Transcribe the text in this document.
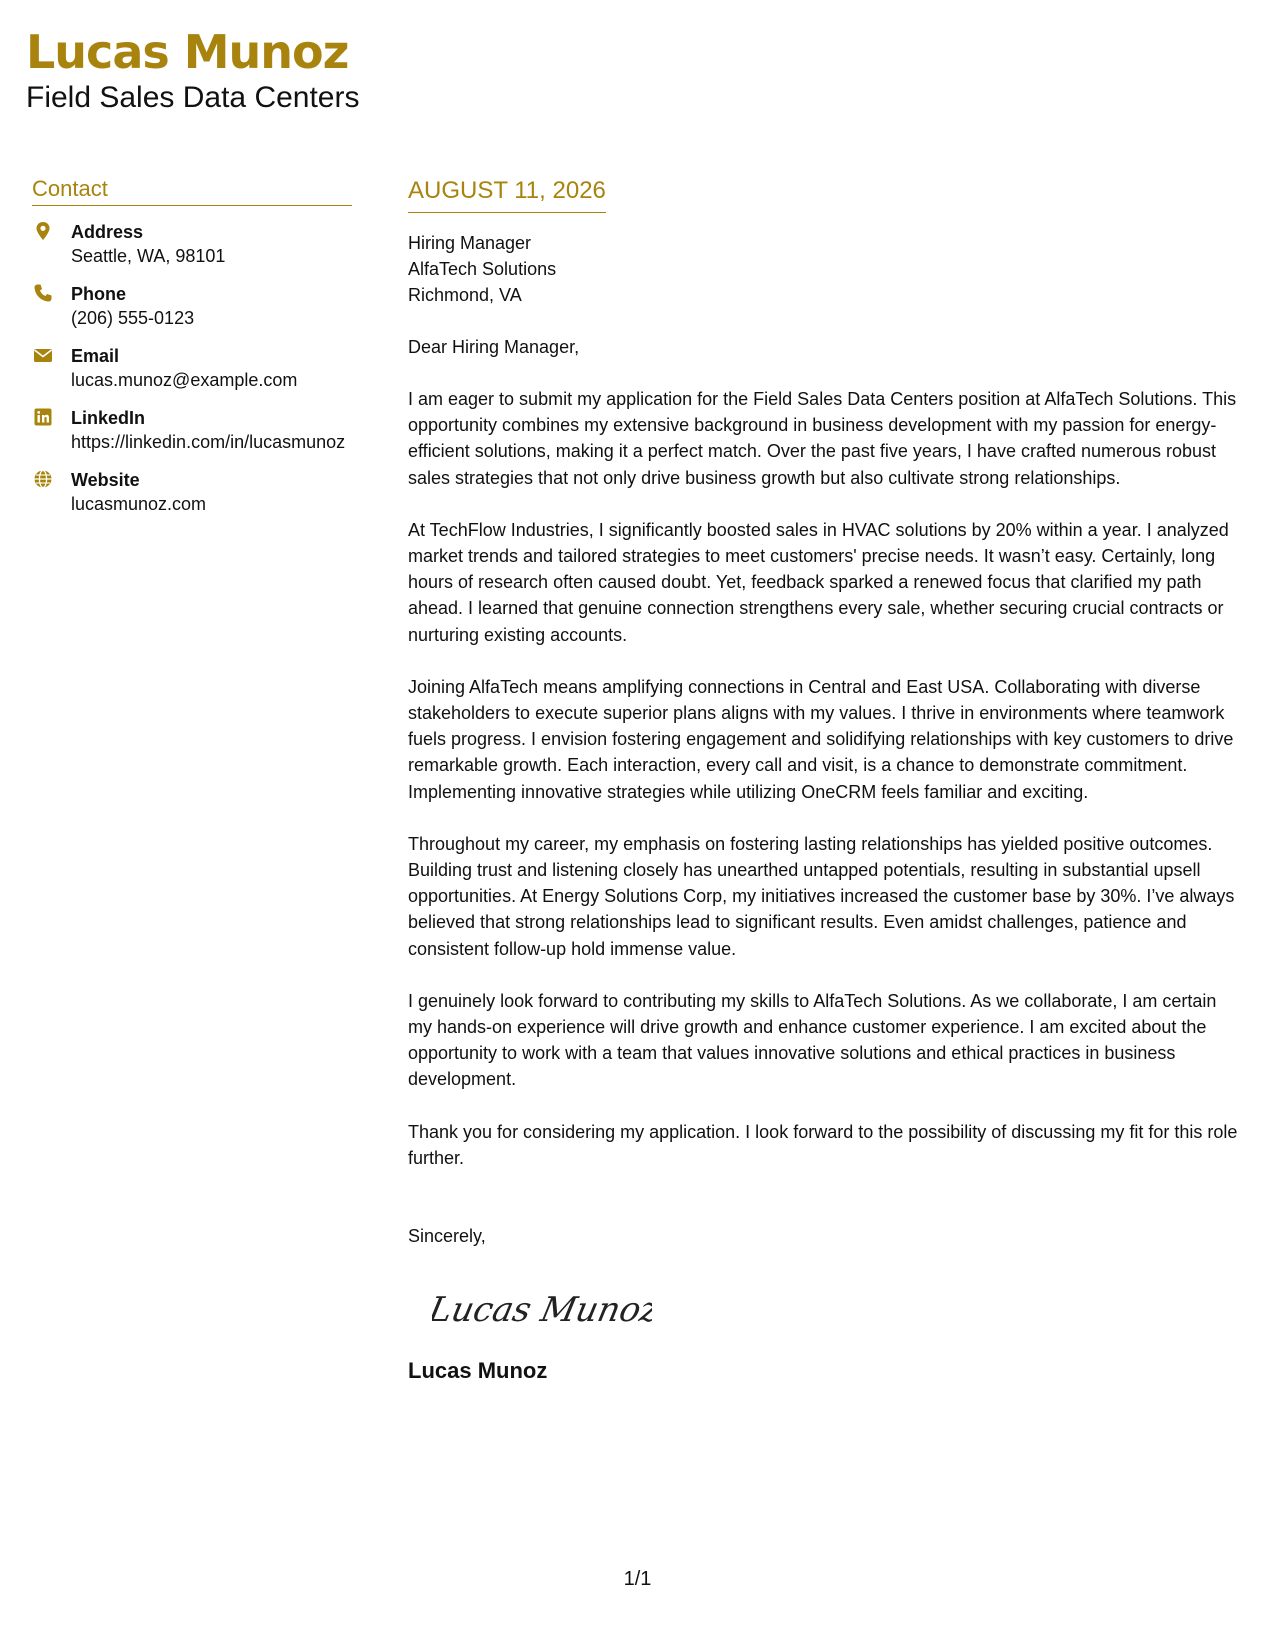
Lucas Munoz
Field Sales Data Centers
Contact
Address
Seattle, WA, 98101
Phone
(206) 555-0123
Email
lucas.munoz@example.com
LinkedIn
https://linkedin.com/in/lucasmunoz
Website
lucasmunoz.com
AUGUST 11, 2026
Hiring Manager
AlfaTech Solutions
Richmond, VA
Dear Hiring Manager,

I am eager to submit my application for the Field Sales Data Centers position at AlfaTech Solutions. This opportunity combines my extensive background in business development with my passion for energy-efficient solutions, making it a perfect match. Over the past five years, I have crafted numerous robust sales strategies that not only drive business growth but also cultivate strong relationships.

At TechFlow Industries, I significantly boosted sales in HVAC solutions by 20% within a year. I analyzed market trends and tailored strategies to meet customers' precise needs. It wasn’t easy. Certainly, long hours of research often caused doubt. Yet, feedback sparked a renewed focus that clarified my path ahead. I learned that genuine connection strengthens every sale, whether securing crucial contracts or nurturing existing accounts.

Joining AlfaTech means amplifying connections in Central and East USA. Collaborating with diverse stakeholders to execute superior plans aligns with my values. I thrive in environments where teamwork fuels progress. I envision fostering engagement and solidifying relationships with key customers to drive remarkable growth. Each interaction, every call and visit, is a chance to demonstrate commitment. Implementing innovative strategies while utilizing OneCRM feels familiar and exciting.

Throughout my career, my emphasis on fostering lasting relationships has yielded positive outcomes. Building trust and listening closely has unearthed untapped potentials, resulting in substantial upsell opportunities. At Energy Solutions Corp, my initiatives increased the customer base by 30%. I’ve always believed that strong relationships lead to significant results. Even amidst challenges, patience and consistent follow-up hold immense value.

I genuinely look forward to contributing my skills to AlfaTech Solutions. As we collaborate, I am certain my hands-on experience will drive growth and enhance customer experience. I am excited about the opportunity to work with a team that values innovative solutions and ethical practices in business development.

Thank you for considering my application. I look forward to the possibility of discussing my fit for this role further.

Sincerely,
Lucas Munoz
Lucas Munoz
1/1
